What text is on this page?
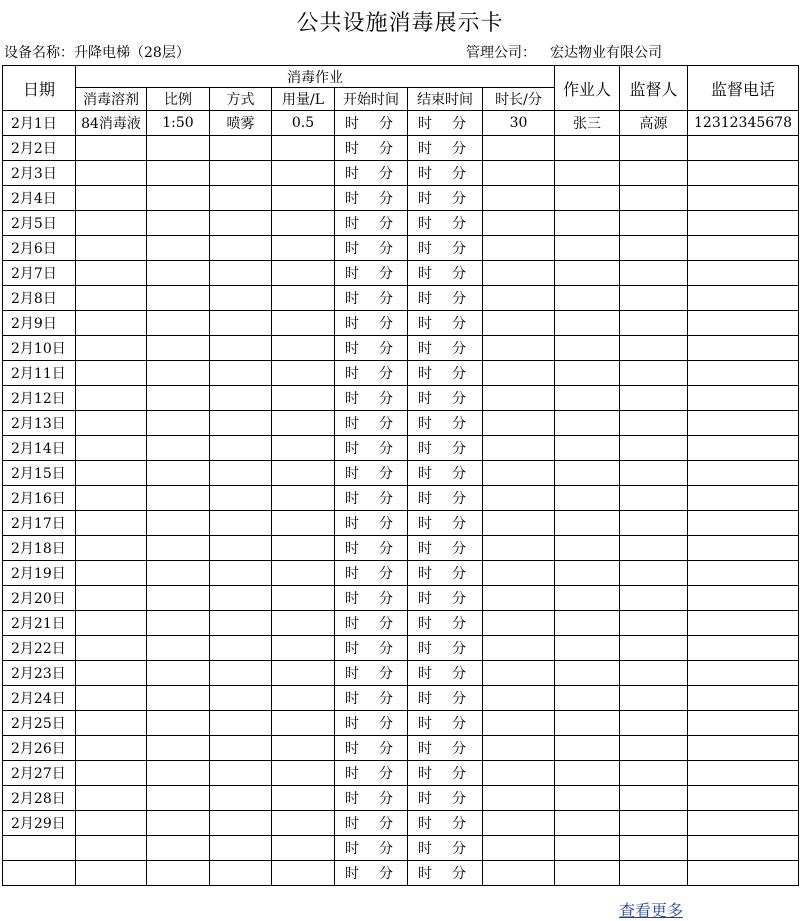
公共设施消毒展示卡
设备名称：升降电梯（28层）	管理公司： 宏达物业有限公司
日期	消毒作业							作业人	监督人	监督电话
	消毒溶剂	比例	方式	用量/L	开始时间	结束时间	时长/分			
2月1日	84消毒液	1:50	喷雾	0.5	时 分	时 分	30	张三	高源	12312345678
2月2日					时 分	时 分				
2月3日					时 分	时 分				
2月4日					时 分	时 分				
2月5日					时 分	时 分				
2月6日					时 分	时 分				
2月7日					时 分	时 分				
2月8日					时 分	时 分				
2月9日					时 分	时 分				
2月10日					时 分	时 分				
2月11日					时 分	时 分				
2月12日					时 分	时 分				
2月13日					时 分	时 分				
2月14日					时 分	时 分				
2月15日					时 分	时 分				
2月16日					时 分	时 分				
2月17日					时 分	时 分				
2月18日					时 分	时 分				
2月19日					时 分	时 分				
2月20日					时 分	时 分				
2月21日					时 分	时 分				
2月22日					时 分	时 分				
2月23日					时 分	时 分				
2月24日					时 分	时 分				
2月25日					时 分	时 分				
2月26日					时 分	时 分				
2月27日					时 分	时 分				
2月28日					时 分	时 分				
2月29日					时 分	时 分				
					时 分	时 分				
					时 分	时 分				
查看更多
